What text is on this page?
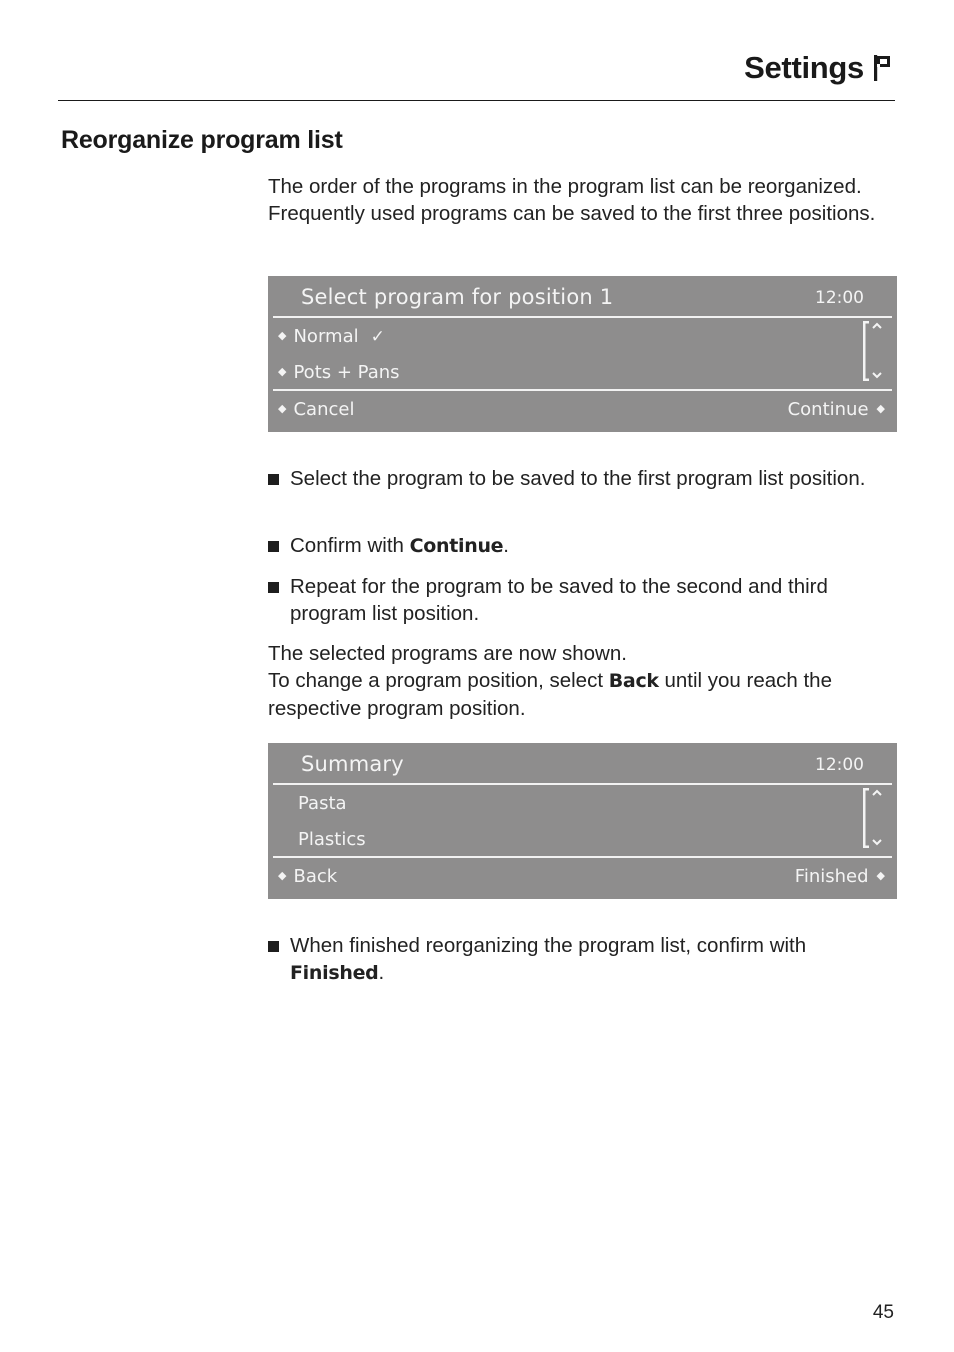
Settings
Reorganize program list
The order of the programs in the program list can be reorganized. Frequently used programs can be saved to the first three positions.
Select program for position 1	12:00
◆ Normal ✓
◆ Pots + Pans
◆ Cancel	Continue ◆
Select the program to be saved to the first program list position.
Confirm with Continue.
Repeat for the program to be saved to the second and third program list position.
The selected programs are now shown.
To change a program position, select Back until you reach the respective program position.
Summary	12:00
Pasta
Plastics
◆ Back	Finished ◆
When finished reorganizing the program list, confirm with Finished.
45
